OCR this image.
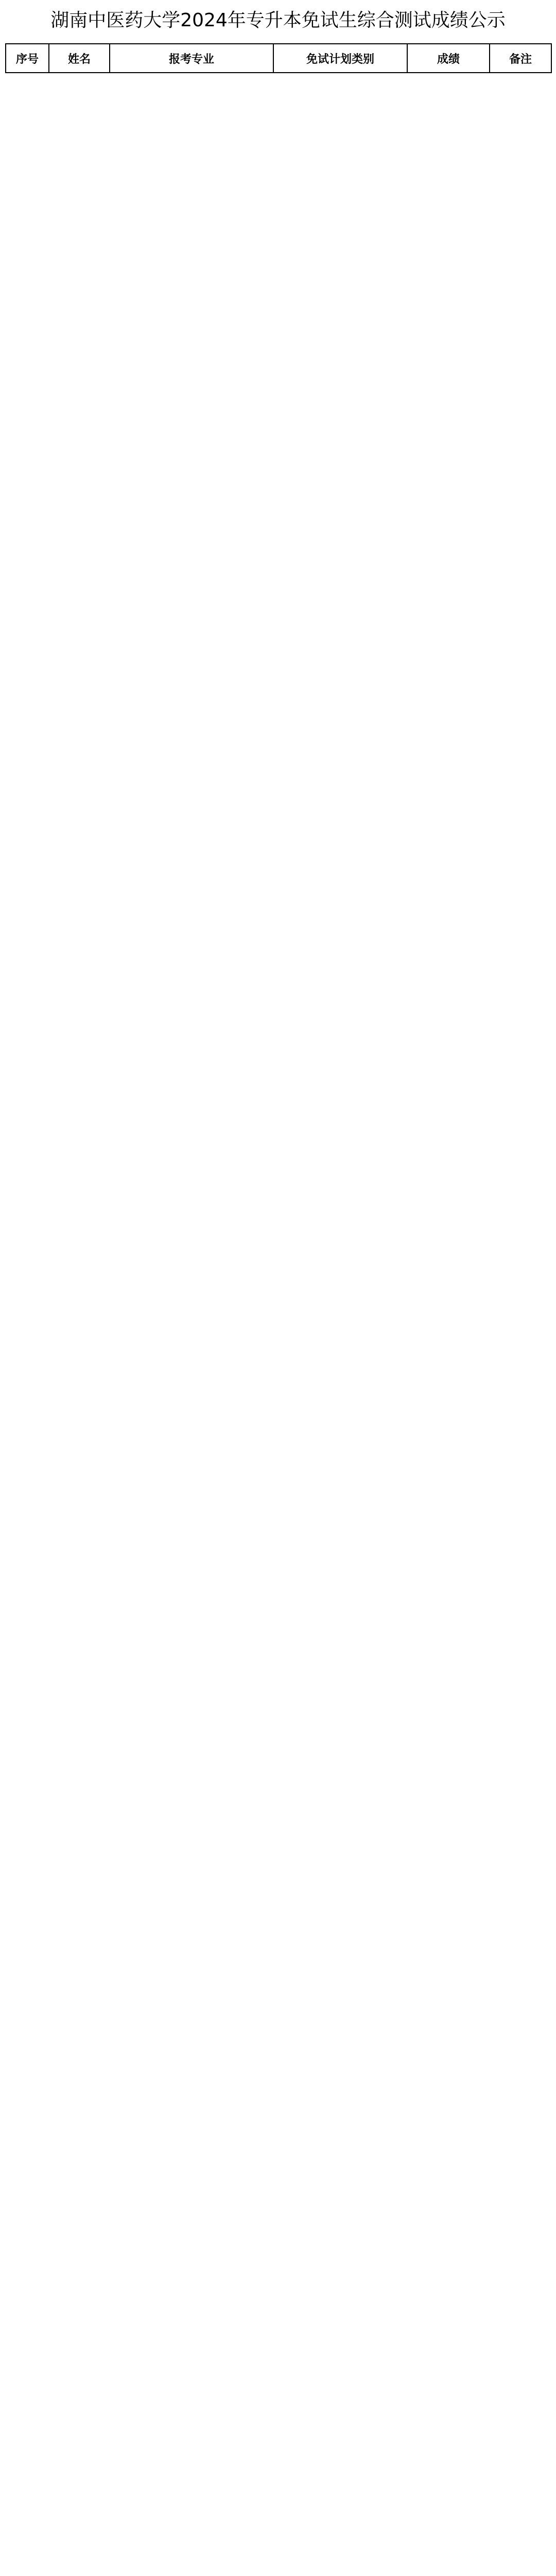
湖南中医药大学2024年专升本免试生综合测试成绩公示
序号	姓名	报考专业	免试计划类别	成绩	备注
